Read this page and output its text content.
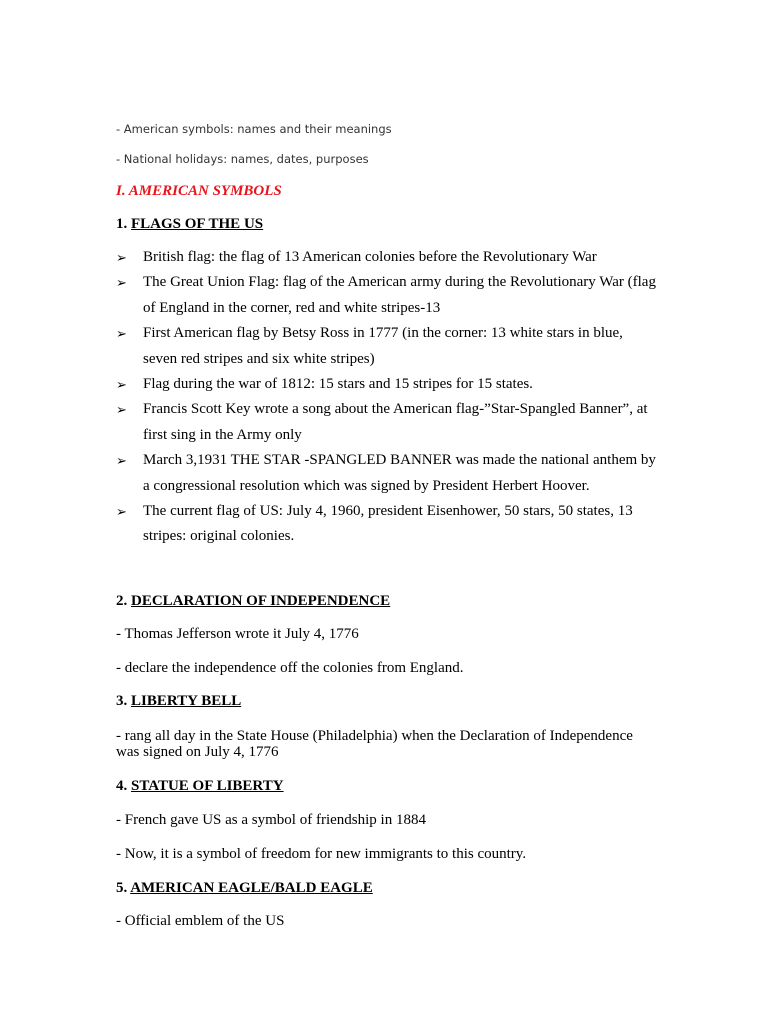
- American symbols: names and their meanings
- National holidays: names, dates, purposes
I. AMERICAN SYMBOLS
1. FLAGS OF THE US
➢ British flag: the flag of 13 American colonies before the Revolutionary War
➢ The Great Union Flag: flag of the American army during the Revolutionary War (flag of England in the corner, red and white stripes-13
➢ First American flag by Betsy Ross in 1777 (in the corner: 13 white stars in blue, seven red stripes and six white stripes)
➢ Flag during the war of 1812: 15 stars and 15 stripes for 15 states.
➢ Francis Scott Key wrote a song about the American flag-”Star-Spangled Banner”, at first sing in the Army only
➢ March 3,1931 THE STAR -SPANGLED BANNER was made the national anthem by a congressional resolution which was signed by President Herbert Hoover.
➢ The current flag of US: July 4, 1960, president Eisenhower, 50 stars, 50 states, 13 stripes: original colonies.
2. DECLARATION OF INDEPENDENCE
- Thomas Jefferson wrote it July 4, 1776
- declare the independence off the colonies from England.
3. LIBERTY BELL
- rang all day in the State House (Philadelphia) when the Declaration of Independence was signed on July 4, 1776
4. STATUE OF LIBERTY
- French gave US as a symbol of friendship in 1884
- Now, it is a symbol of freedom for new immigrants to this country.
5. AMERICAN EAGLE/BALD EAGLE
- Official emblem of the US
